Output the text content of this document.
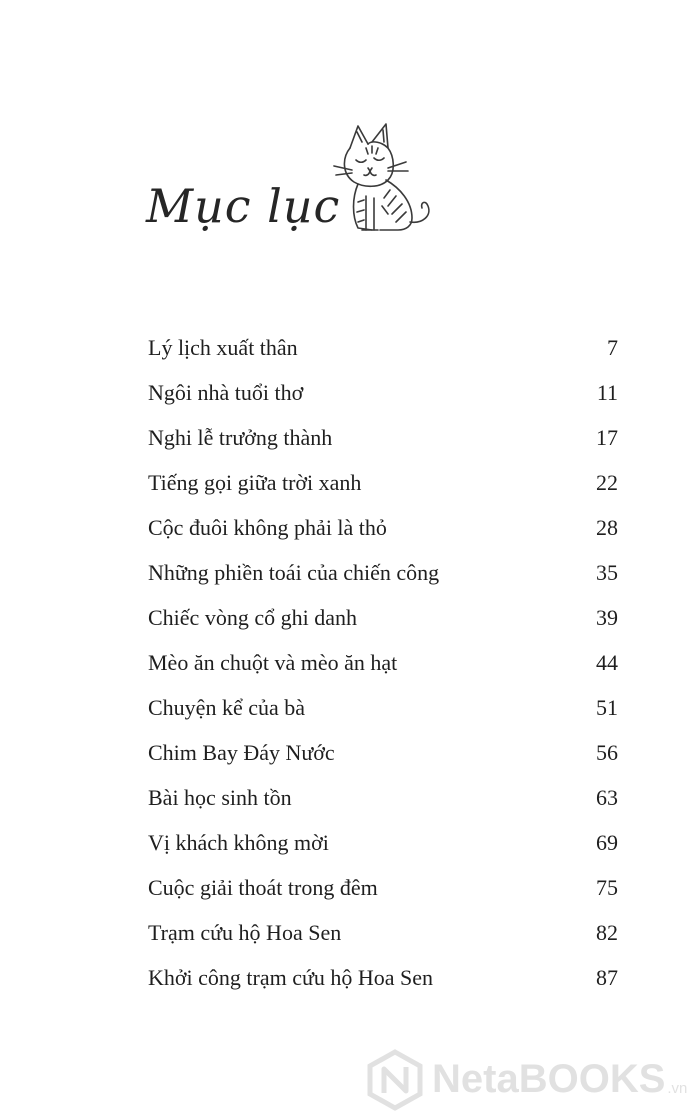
Mục lục
Lý lịch xuất thân	7
Ngôi nhà tuổi thơ	11
Nghi lễ trưởng thành	17
Tiếng gọi giữa trời xanh	22
Cộc đuôi không phải là thỏ	28
Những phiền toái của chiến công	35
Chiếc vòng cổ ghi danh	39
Mèo ăn chuột và mèo ăn hạt	44
Chuyện kể của bà	51
Chim Bay Đáy Nước	56
Bài học sinh tồn	63
Vị khách không mời	69
Cuộc giải thoát trong đêm	75
Trạm cứu hộ Hoa Sen	82
Khởi công trạm cứu hộ Hoa Sen	87
NetaBOOKS .vn
